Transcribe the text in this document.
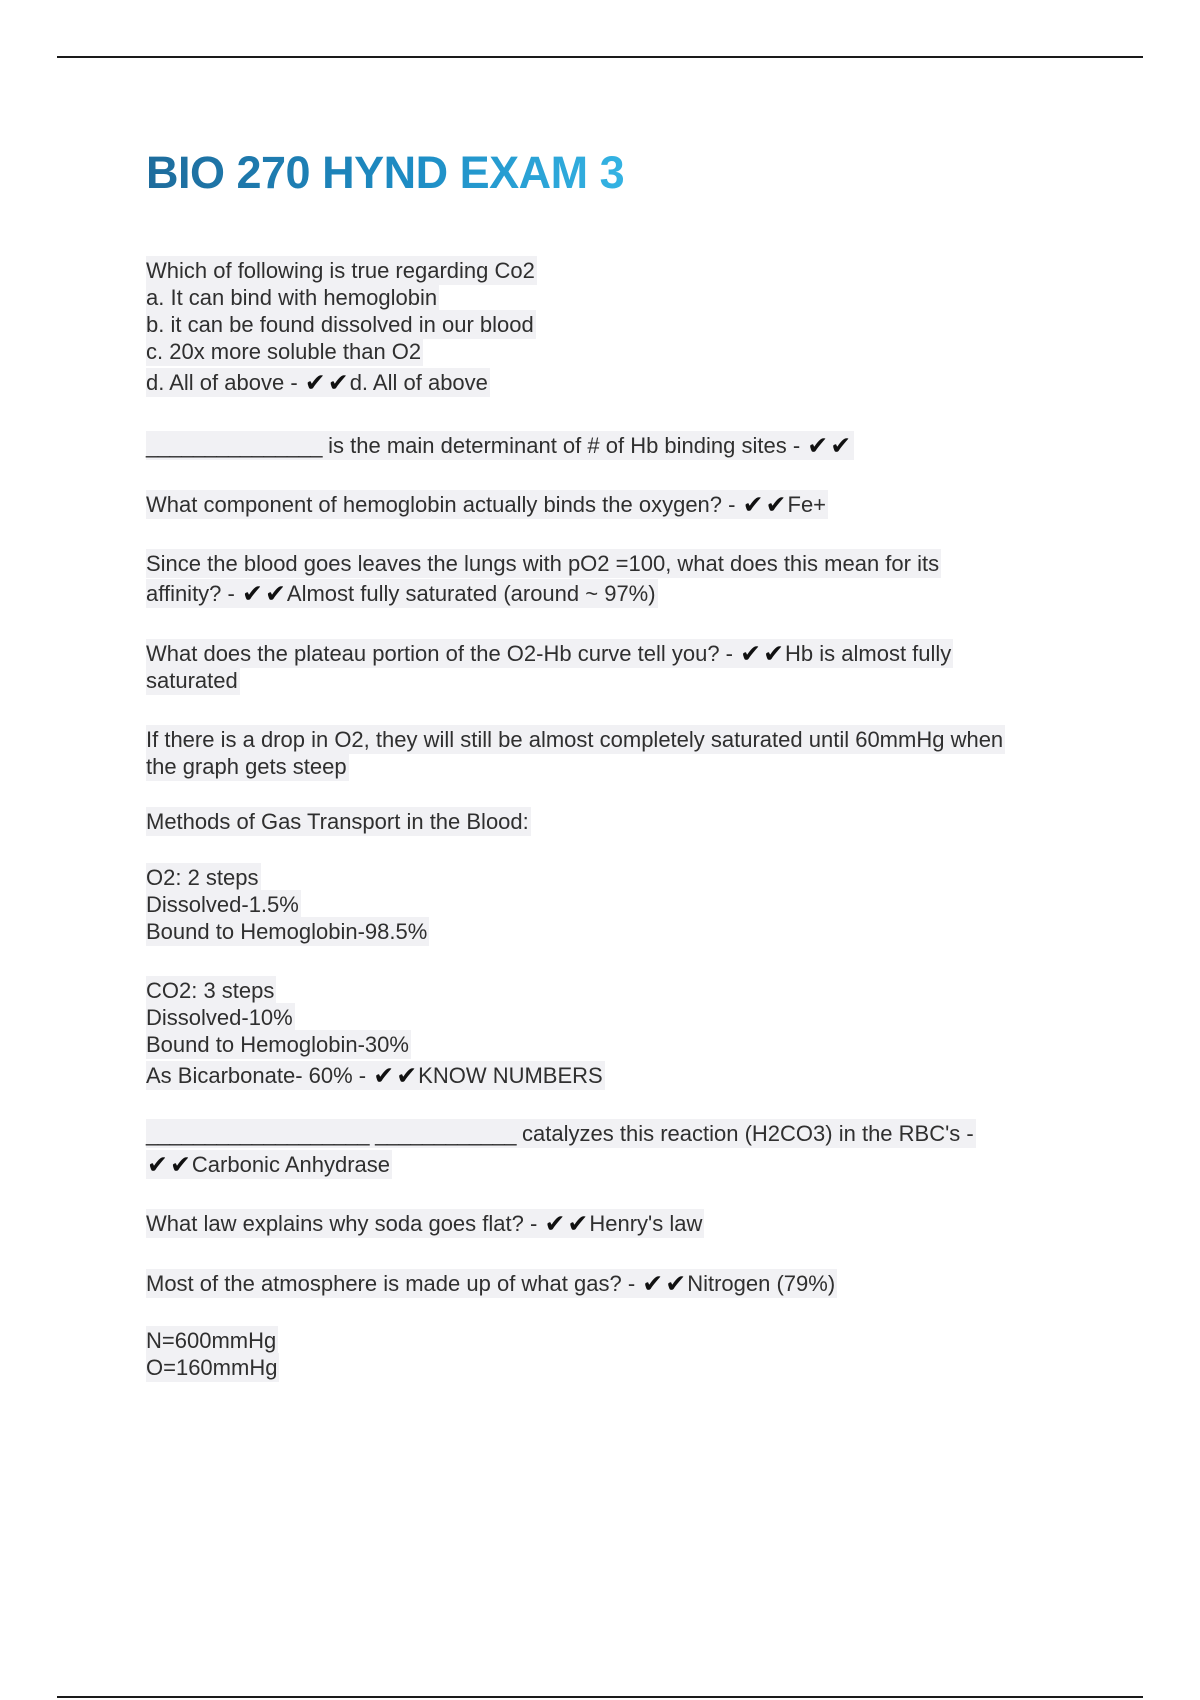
BIO 270 HYND EXAM 3
Which of following is true regarding Co2
a. It can bind with hemoglobin
b. it can be found dissolved in our blood
c. 20x more soluble than O2
d. All of above - ✔✔d. All of above
_______________ is the main determinant of # of Hb binding sites - ✔✔
What component of hemoglobin actually binds the oxygen? - ✔✔Fe+
Since the blood goes leaves the lungs with pO2 =100, what does this mean for its
affinity? - ✔✔Almost fully saturated (around ~ 97%)
What does the plateau portion of the O2-Hb curve tell you? - ✔✔Hb is almost fully
saturated
If there is a drop in O2, they will still be almost completely saturated until 60mmHg when
the graph gets steep
Methods of Gas Transport in the Blood:
O2: 2 steps
Dissolved-1.5%
Bound to Hemoglobin-98.5%
CO2: 3 steps
Dissolved-10%
Bound to Hemoglobin-30%
As Bicarbonate- 60% - ✔✔KNOW NUMBERS
___________________ ____________ catalyzes this reaction (H2CO3) in the RBC's -
✔✔Carbonic Anhydrase
What law explains why soda goes flat? - ✔✔Henry's law
Most of the atmosphere is made up of what gas? - ✔✔Nitrogen (79%)
N=600mmHg
O=160mmHg
